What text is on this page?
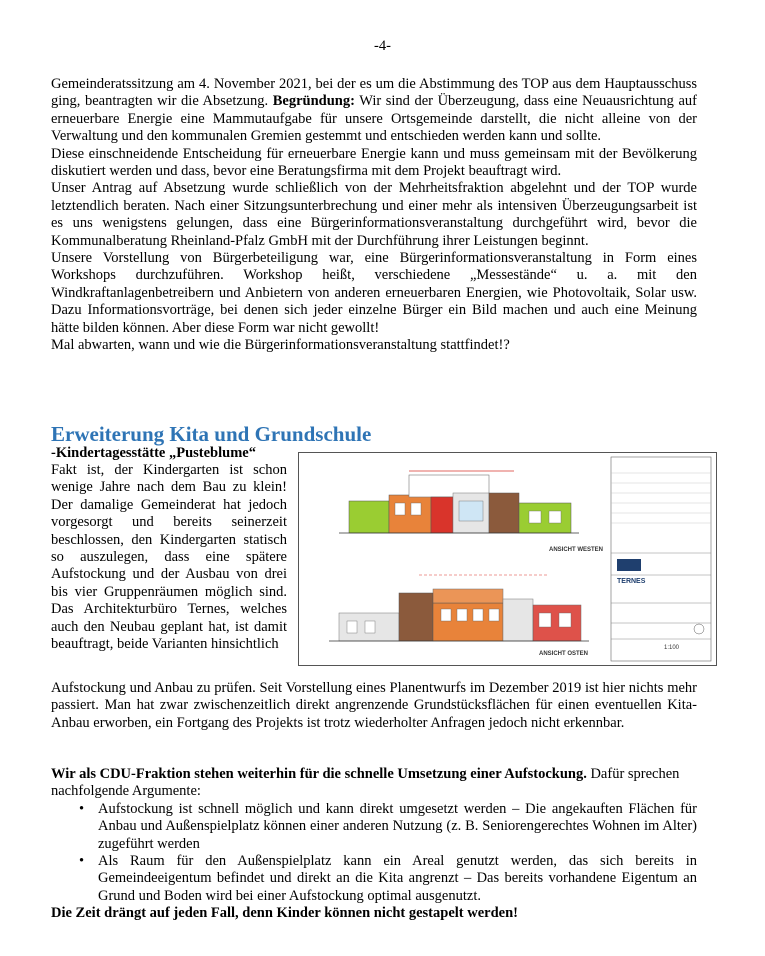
-4-

Gemeinderatssitzung am 4. November 2021, bei der es um die Abstimmung des TOP aus dem Hauptausschuss ging, beantragten wir die Absetzung. Begründung: Wir sind der Überzeugung, dass eine Neuausrichtung auf erneuerbare Energie eine Mammutaufgabe für unsere Ortsgemeinde darstellt, die nicht alleine von der Verwaltung und den kommunalen Gremien gestemmt und entschieden werden kann und sollte.

Diese einschneidende Entscheidung für erneuerbare Energie kann und muss gemeinsam mit der Bevölkerung diskutiert werden und dass, bevor eine Beratungsfirma mit dem Projekt beauftragt wird.

Unser Antrag auf Absetzung wurde schließlich von der Mehrheitsfraktion abgelehnt und der TOP wurde letztendlich beraten. Nach einer Sitzungsunterbrechung und einer mehr als intensiven Überzeugungsarbeit ist es uns wenigstens gelungen, dass eine Bürgerinformationsveranstaltung durchgeführt wird, bevor die Kommunalberatung Rheinland-Pfalz GmbH mit der Durchführung ihrer Leistungen beginnt.

Unsere Vorstellung von Bürgerbeteiligung war, eine Bürgerinformationsveranstaltung in Form eines Workshops durchzuführen. Workshop heißt, verschiedene „Messestände“ u. a. mit den Windkraftanlagenbetreibern und Anbietern von anderen erneuerbaren Energien, wie Photovoltaik, Solar usw. Dazu Informationsvorträge, bei denen sich jeder einzelne Bürger ein Bild machen und auch eine Meinung hätte bilden können. Aber diese Form war nicht gewollt!

Mal abwarten, wann und wie die Bürgerinformationsveranstaltung stattfindet!?

Erweiterung Kita und Grundschule
-Kindertagesstätte „Pusteblume“

Fakt ist, der Kindergarten ist schon wenige Jahre nach dem Bau zu klein! Der damalige Gemeinderat hat jedoch vorgesorgt und bereits seinerzeit beschlossen, den Kindergarten statisch so auszulegen, dass eine spätere Aufstockung und der Ausbau von drei bis vier Gruppenräumen möglich sind. Das Architekturbüro Ternes, welches auch den Neubau geplant hat, ist damit beauftragt, beide Varianten hinsichtlich

ANSICHT WESTEN
ANSICHT OSTEN
TERNES
1:100

Aufstockung und Anbau zu prüfen. Seit Vorstellung eines Planentwurfs im Dezember 2019 ist hier nichts mehr passiert. Man hat zwar zwischenzeitlich direkt angrenzende Grundstücksflächen für einen eventuellen Kita-Anbau erworben, ein Fortgang des Projekts ist trotz wiederholter Anfragen jedoch nicht erkennbar.

Wir als CDU-Fraktion stehen weiterhin für die schnelle Umsetzung einer Aufstockung. Dafür sprechen nachfolgende Argumente:

• Aufstockung ist schnell möglich und kann direkt umgesetzt werden – Die angekauften Flächen für Anbau und Außenspielplatz können einer anderen Nutzung (z. B. Seniorengerechtes Wohnen im Alter) zugeführt werden
• Als Raum für den Außenspielplatz kann ein Areal genutzt werden, das sich bereits in Gemeindeeigentum befindet und direkt an die Kita angrenzt – Das bereits vorhandene Eigentum an Grund und Boden wird bei einer Aufstockung optimal ausgenutzt.

Die Zeit drängt auf jeden Fall, denn Kinder können nicht gestapelt werden!
